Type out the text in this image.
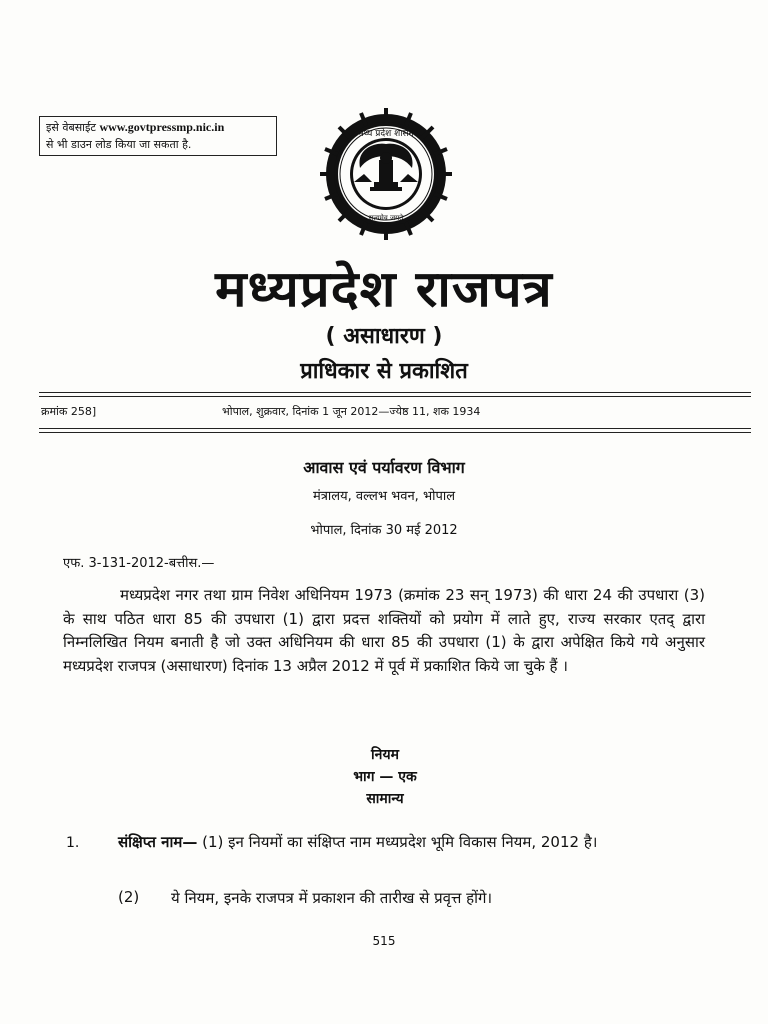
इसे वेबसाईट www.govtpressmp.nic.in
से भी डाउन लोड किया जा सकता है.
मध्य प्रदेश शासन
सत्यमेव जयते
मध्यप्रदेश राजपत्र
( असाधारण )
प्राधिकार से प्रकाशित
क्रमांक 258]	भोपाल, शुक्रवार, दिनांक 1 जून 2012—ज्येष्ठ 11, शक 1934
आवास एवं पर्यावरण विभाग
मंत्रालय, वल्लभ भवन, भोपाल
भोपाल, दिनांक 30 मई 2012
एफ. 3-131-2012-बत्तीस.—

मध्यप्रदेश नगर तथा ग्राम निवेश अधिनियम 1973 (क्रमांक 23 सन् 1973) की धारा 24 की उपधारा (3) के साथ पठित धारा 85 की उपधारा (1) द्वारा प्रदत्त शक्तियों को प्रयोग में लाते हुए, राज्य सरकार एतद् द्वारा निम्नलिखित नियम बनाती है जो उक्त अधिनियम की धारा 85 की उपधारा (1) के द्वारा अपेक्षित किये गये अनुसार मध्यप्रदेश राजपत्र (असाधारण) दिनांक 13 अप्रैल 2012 में पूर्व में प्रकाशित किये जा चुके हैं ।

नियम
भाग — एक
सामान्य
1.	संक्षिप्त नाम— (1) इन नियमों का संक्षिप्त नाम मध्यप्रदेश भूमि विकास नियम, 2012 है।

(2) ये नियम, इनके राजपत्र में प्रकाशन की तारीख से प्रवृत्त होंगे।
515
